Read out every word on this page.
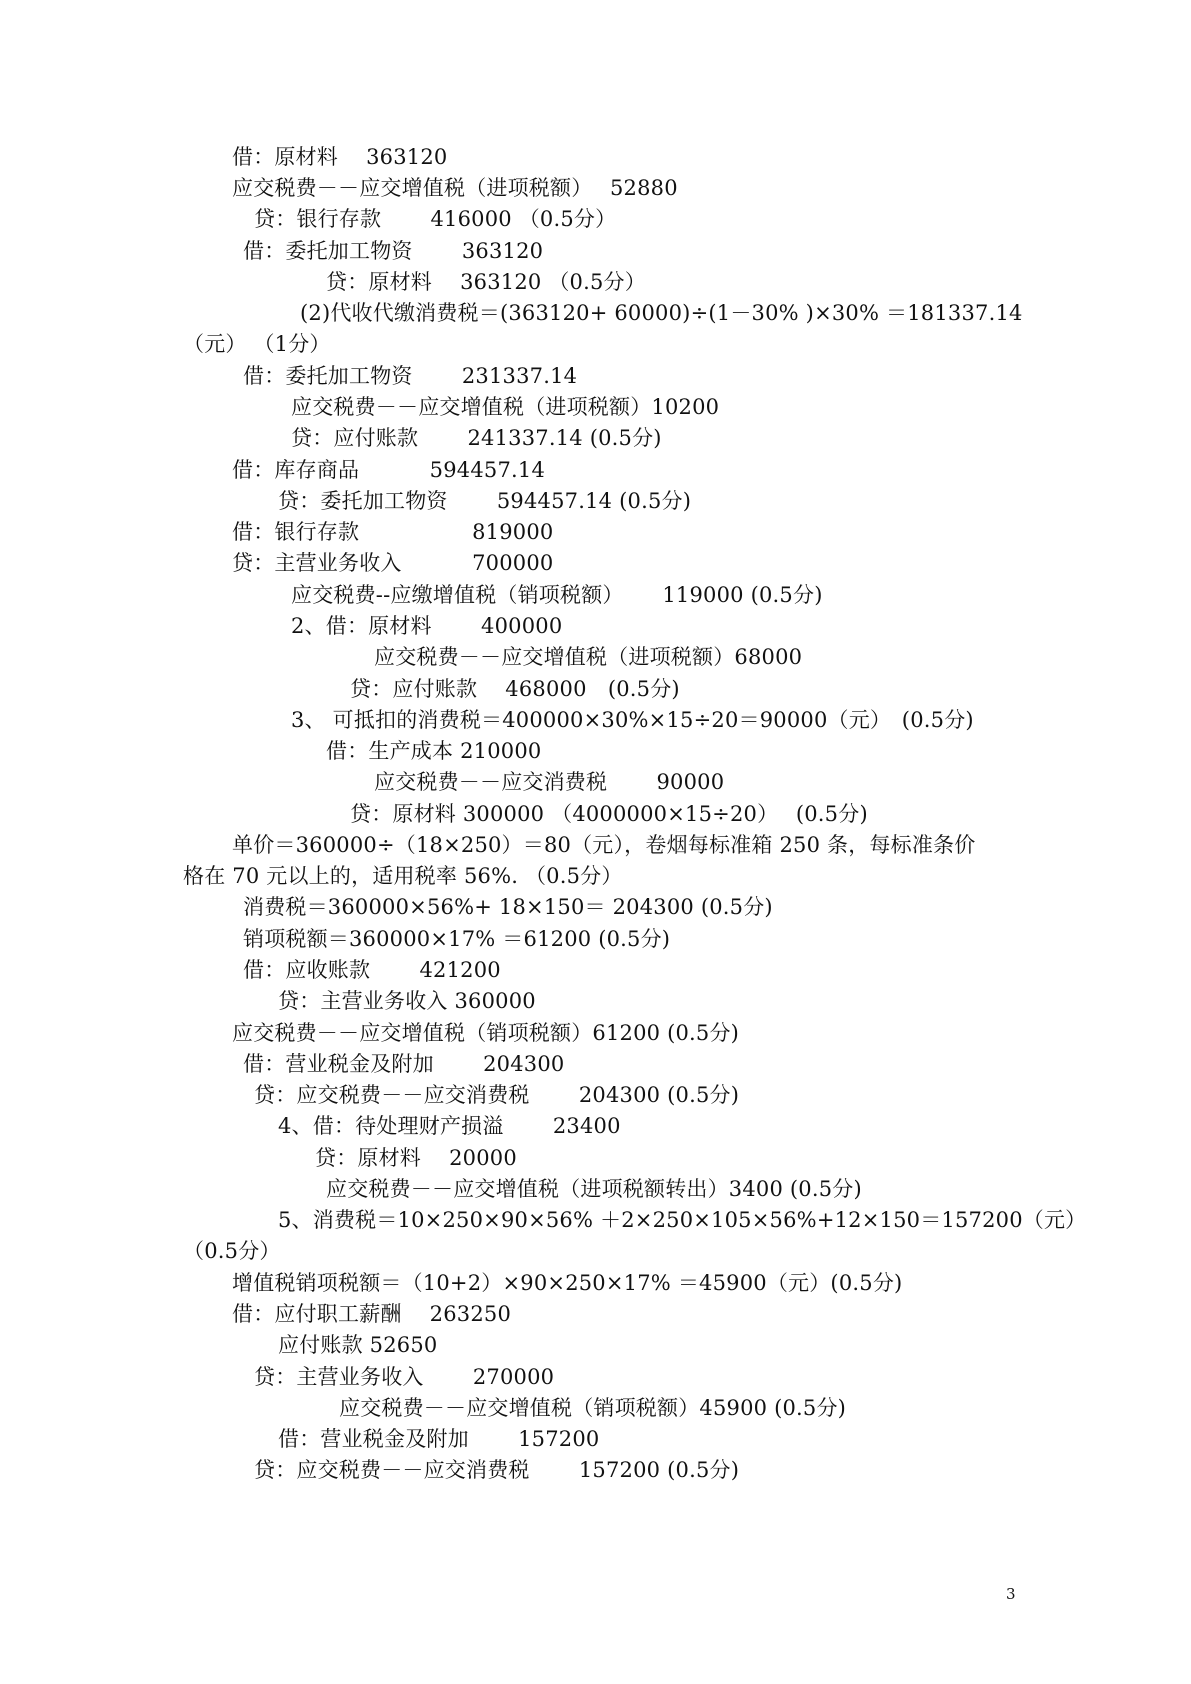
借：原材料　 363120
应交税费－－应交增值税（进项税额）　 52880
贷：银行存款　　 416000 （0.5分）
借：委托加工物资　　 363120
贷：原材料　 363120 （0.5分）
(2)代收代缴消费税＝(363120+ 60000)÷(1－30% )×30% ＝181337.14
（元） （1分）
借：委托加工物资　　 231337.14
应交税费－－应交增值税（进项税额）10200
贷：应付账款　　 241337.14 (0.5分)
借：库存商品　　　 594457.14
贷：委托加工物资　　 594457.14 (0.5分)
借：银行存款　　　　　 819000
贷：主营业务收入　　　 700000
应交税费--应缴增值税（销项税额）　　 119000 (0.5分)
2、借：原材料　　 400000
应交税费－－应交增值税（进项税额）68000
贷：应付账款　 468000　(0.5分)
3、 可抵扣的消费税＝400000×30%×15÷20＝90000（元）　(0.5分)
借：生产成本 210000
应交税费－－应交消费税　　 90000
贷：原材料 300000 （4000000×15÷20）　 (0.5分)
单价＝360000÷（18×250）＝80（元），卷烟每标准箱 250 条，每标准条价
格在 70 元以上的，适用税率 56%. （0.5分）
消费税＝360000×56%+ 18×150＝ 204300 (0.5分)
销项税额＝360000×17% ＝61200 (0.5分)
借：应收账款　　 421200
贷：主营业务收入 360000
应交税费－－应交增值税（销项税额）61200 (0.5分)
借：营业税金及附加　　 204300
贷：应交税费－－应交消费税　　 204300 (0.5分)
4、借：待处理财产损溢　　 23400
贷：原材料　 20000
应交税费－－应交增值税（进项税额转出）3400 (0.5分)
5、消费税＝10×250×90×56% ＋2×250×105×56%+12×150＝157200（元）
（0.5分）
增值税销项税额＝（10+2）×90×250×17% ＝45900（元）(0.5分)
借：应付职工薪酬　 263250
应付账款 52650
贷：主营业务收入　　 270000
应交税费－－应交增值税（销项税额）45900 (0.5分)
借：营业税金及附加　　 157200
贷：应交税费－－应交消费税　　 157200 (0.5分)
3
